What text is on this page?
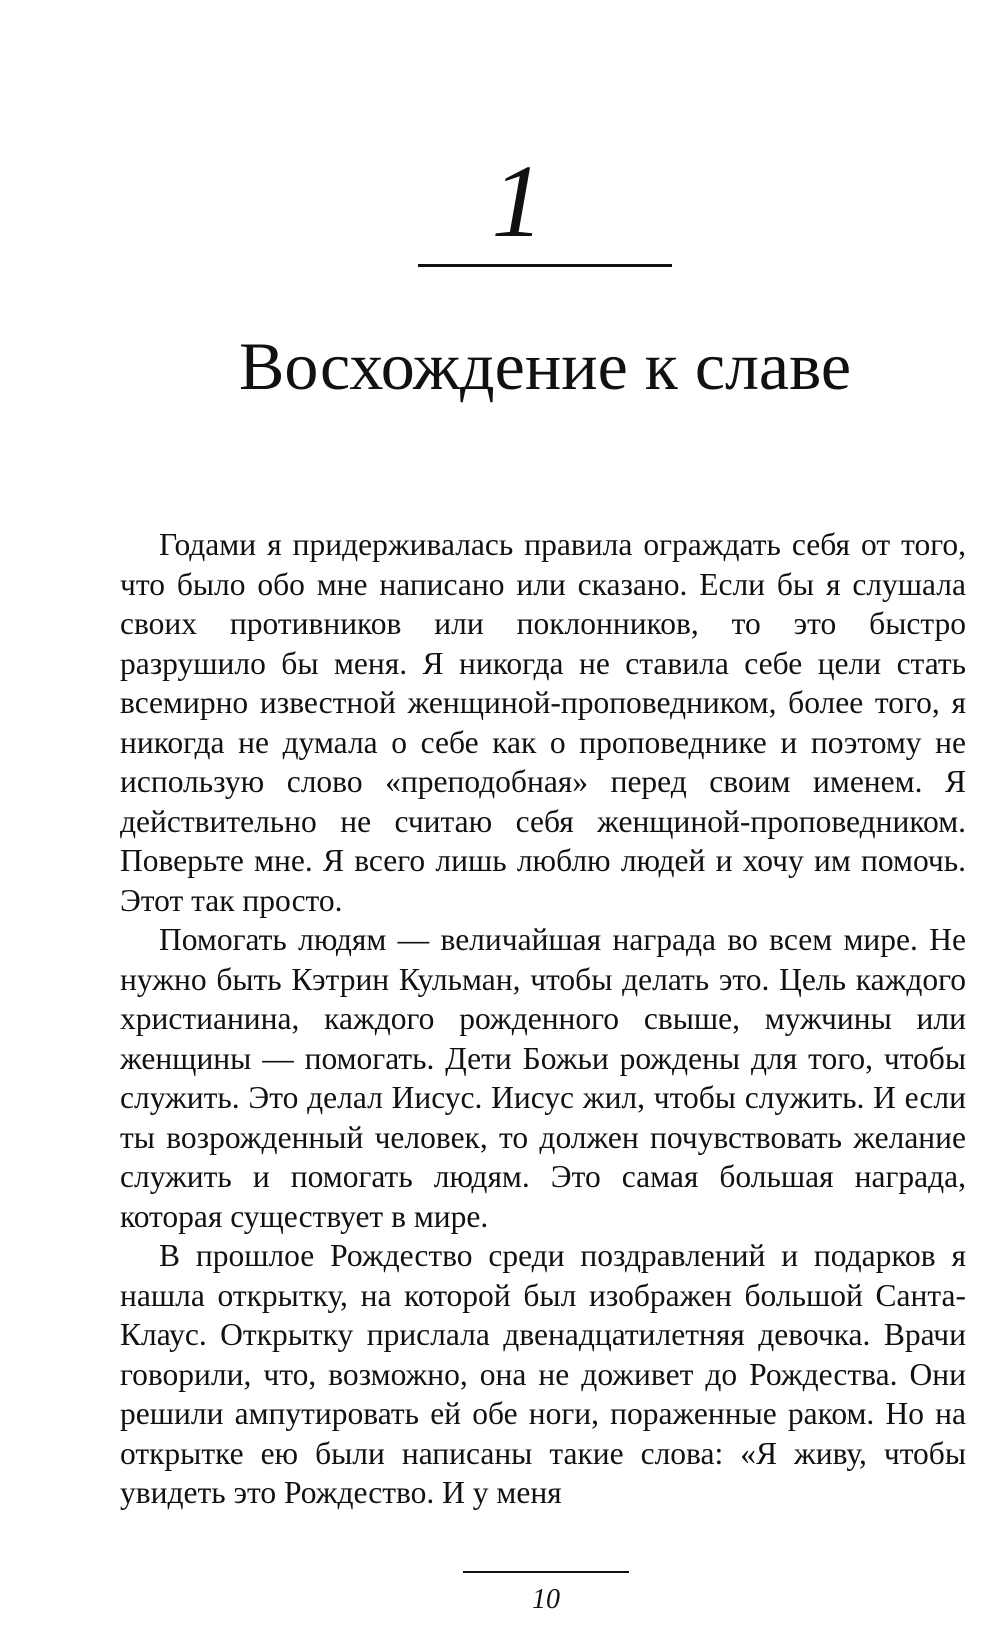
1
Восхождение к славе

Годами я придерживалась правила ограждать себя от того, что было обо мне написано или сказано. Если бы я слушала своих противников или поклонников, то это быстро разрушило бы меня. Я никогда не ставила себе цели стать всемирно известной женщиной-проповедником, более того, я никогда не думала о себе как о проповеднике и поэтому не использую слово «преподобная» перед своим именем. Я действительно не считаю себя женщиной-проповедником. Поверьте мне. Я всего лишь люблю людей и хочу им помочь. Этот так просто.

Помогать людям — величайшая награда во всем мире. Не нужно быть Кэтрин Кульман, чтобы делать это. Цель каждого христианина, каждого рожденного свыше, мужчины или женщины — помогать. Дети Божьи рождены для того, чтобы служить. Это делал Иисус. Иисус жил, чтобы служить. И если ты возрожденный человек, то должен почувствовать желание служить и помогать людям. Это самая большая награда, которая существует в мире.

В прошлое Рождество среди поздравлений и подарков я нашла открытку, на которой был изображен большой Санта-Клаус. Открытку прислала двенадцатилетняя девочка. Врачи говорили, что, возможно, она не доживет до Рождества. Они решили ампутировать ей обе ноги, пораженные раком. Но на открытке ею были написаны такие слова: «Я живу, чтобы увидеть это Рождество. И у меня

10
